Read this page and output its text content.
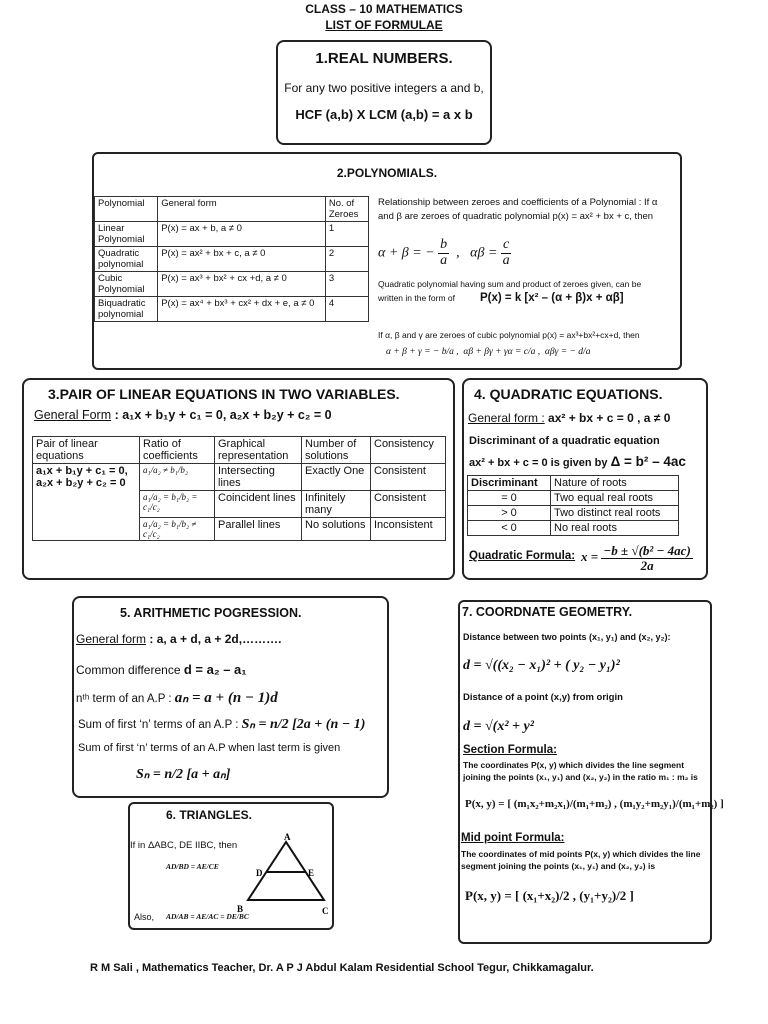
CLASS – 10 MATHEMATICS
LIST OF FORMULAE
1.REAL NUMBERS.
For any two positive integers a and b,
HCF (a,b) X LCM (a,b) = a x b
2.POLYNOMIALS.
Polynomial	General form	No. of Zeroes
Linear Polynomial	P(x) = ax + b, a ≠ 0	1
Quadratic polynomial	P(x) = ax² + bx + c, a ≠ 0	2
Cubic Polynomial	P(x) = ax³ + bx² + cx +d, a ≠ 0	3
Biquadratic polynomial	P(x) = ax⁴ + bx³ + cx² + dx + e, a ≠ 0	4
Relationship between zeroes and coefficients of a Polynomial : If α and β are zeroes of quadratic polynomial p(x) = ax² + bx + c, then
α + β = − $\frac{b}{a}$ ,   $\alpha\beta = \frac{c}{a}$
Quadratic polynomial having sum and product of zeroes given, can be written in the form of	P(x) = k [x² – (α + β)x + αβ]
If α, β and γ are zeroes of cubic polynomial p(x) = ax³+bx²+cx+d, then
α + β + γ = − b/a ,  αβ + βγ + γα = c/a ,  αβγ = − d/a
3.PAIR OF LINEAR EQUATIONS IN TWO VARIABLES.
General Form : a₁x + b₁y + c₁ = 0, a₂x + b₂y + c₂ = 0
Pair of linear equations	Ratio of coefficients	Graphical representation	Number of solutions	Consistency

a₁x + b₁y + c₁ = 0,
a₂x + b₂y + c₂ = 0	a₁/a₂ ≠ b₁/b₂	Intersecting lines	Exactly One	Consistent
	a₁/a₂ = b₁/b₂ = c₁/c₂	Coincident lines	Infinitely many	Consistent
	a₁/a₂ = b₁/b₂ ≠ c₁/c₂	Parallel lines	No solutions	Inconsistent
4. QUADRATIC EQUATIONS.
General form : ax² + bx + c = 0 , a ≠ 0
Discriminant of a quadratic equation
ax² + bx + c = 0 is given by Δ = b² – 4ac
Discriminant	Nature of roots
= 0	Two equal real roots
> 0	Two distinct real roots
< 0	No real roots
Quadratic Formula: $x = \frac{\text{−b ± √(b² − 4ac)}}{2a}$
5. ARITHMETIC POGRESSION.
General form : a, a + d, a + 2d,……….
Common difference d = a₂ – a₁
nᵗʰ term of an A.P : aₙ = a + (n − 1)d
Sum of first ‘n’ terms of an A.P : Sₙ = n/2 [2a + (n − 1)
Sum of first ‘n’ terms of an A.P when last term is given
Sₙ = n/2 [a + aₙ]
6. TRIANGLES.
If in ΔABC, DE IIBC, then
AD/BD = AE/CE
Also, AD/AB = AE/AC = DE/BC
A
B	C
D	E
7. COORDNATE GEOMETRY.
Distance between two points (x₁, y₁) and (x₂, y₂):
d = √((x₂ − x₁)² + ( y₂ − y₁)²
Distance of a point (x,y) from origin
d = √(x² + y²
Section Formula:
The coordinates P(x, y) which divides the line segment joining the points (x₁, y₁) and (x₂, y₂) in the ratio m₁ : m₂ is
P(x, y) = [ (m₁x₂+m₂x₁)/(m₁+m₂) , (m₁y₂+m₂y₁)/(m₁+m₂) ]
Mid point Formula:
The coordinates of mid points P(x, y) which divides the line segment joining the points (x₁, y₁) and (x₂, y₂) is
P(x, y) = [ (x₁+x₂)/2 , (y₁+y₂)/2 ]
R M Sali , Mathematics Teacher, Dr. A P J Abdul Kalam Residential School Tegur, Chikkamagalur.
